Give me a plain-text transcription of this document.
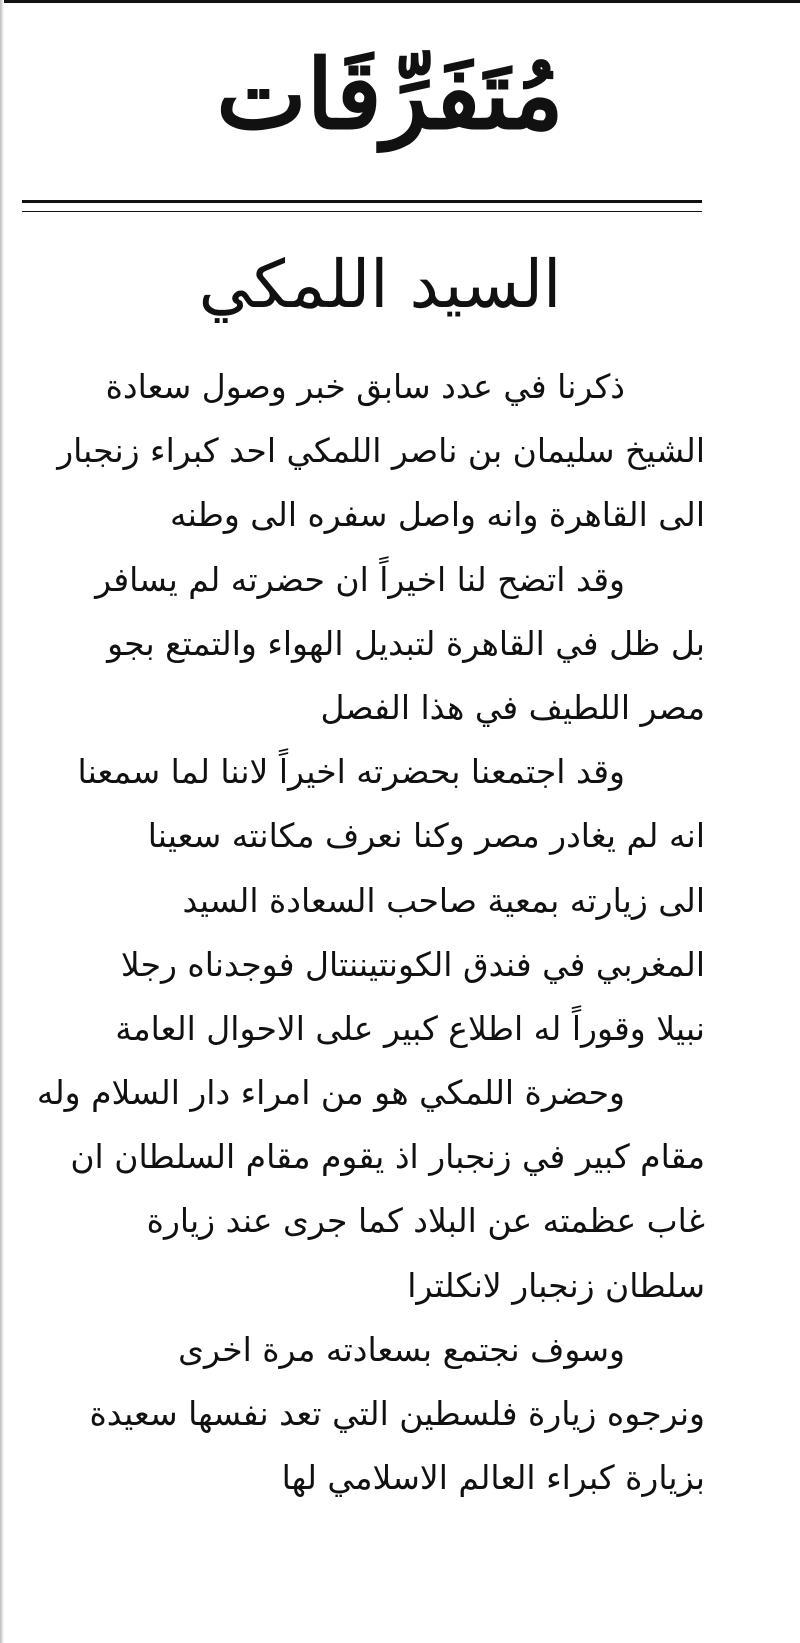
مُتَفَرِّقَات
السيد اللمكي
ذكرنا في عدد سابق خبر وصول سعادة
الشيخ سليمان بن ناصر اللمكي احد كبراء زنجبار
الى القاهرة وانه واصل سفره الى وطنه
وقد اتضح لنا اخيراً ان حضرته لم يسافر
بل ظل في القاهرة لتبديل الهواء والتمتع بجو
مصر اللطيف في هذا الفصل
وقد اجتمعنا بحضرته اخيراً لاننا لما سمعنا
انه لم يغادر مصر وكنا نعرف مكانته سعينا
الى زيارته بمعية صاحب السعادة السيد
المغربي في فندق الكونتيننتال فوجدناه رجلا
نبيلا وقوراً له اطلاع كبير على الاحوال العامة
وحضرة اللمكي هو من امراء دار السلام وله
مقام كبير في زنجبار اذ يقوم مقام السلطان ان
غاب عظمته عن البلاد كما جرى عند زيارة
سلطان زنجبار لانكلترا
وسوف نجتمع بسعادته مرة اخرى
ونرجوه زيارة فلسطين التي تعد نفسها سعيدة
بزيارة كبراء العالم الاسلامي لها
